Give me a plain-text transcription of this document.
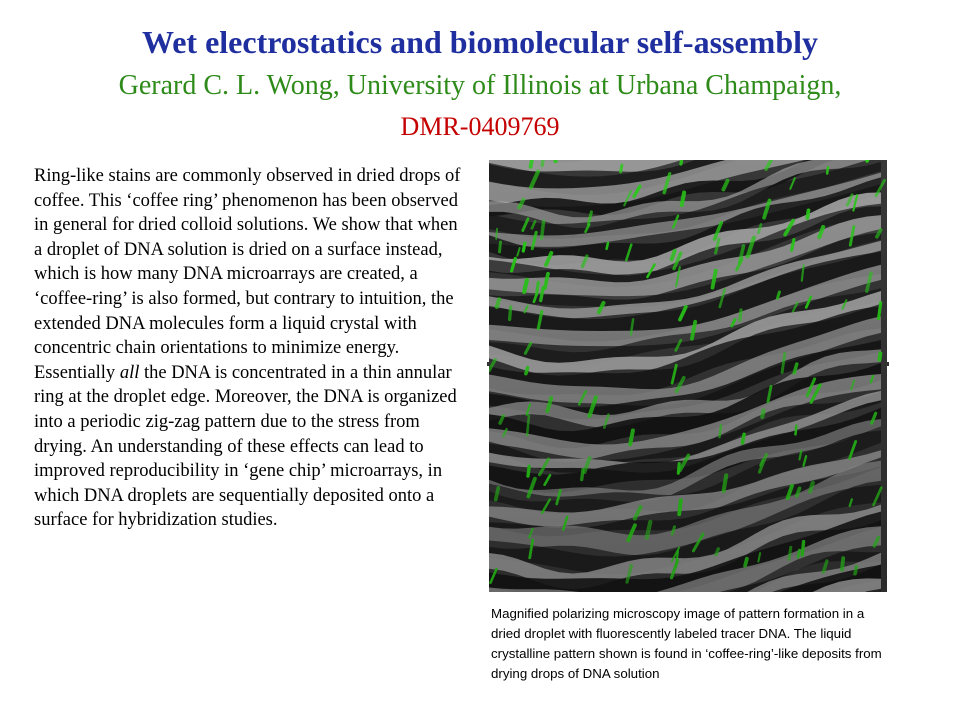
Wet electrostatics and biomolecular self-assembly
Gerard C. L. Wong, University of Illinois at Urbana Champaign,
DMR-0409769

Ring-like stains are commonly observed in dried drops of coffee. This ‘coffee ring’ phenomenon has been observed in general for dried colloid solutions. We show that when a droplet of DNA solution is dried on a surface instead, which is how many DNA microarrays are created, a ‘coffee-ring’ is also formed, but contrary to intuition, the extended DNA molecules form a liquid crystal with concentric chain orientations to minimize energy. Essentially all the DNA is concentrated in a thin annular ring at the droplet edge. Moreover, the DNA is organized into a periodic zig-zag pattern due to the stress from drying. An understanding of these effects can lead to improved reproducibility in ‘gene chip’ microarrays, in which DNA droplets are sequentially deposited onto a surface for hybridization studies.

Magnified polarizing microscopy image of pattern formation in a dried droplet with fluorescently labeled tracer DNA. The liquid crystalline pattern shown is found in ‘coffee-ring’-like deposits from drying drops of DNA solution
